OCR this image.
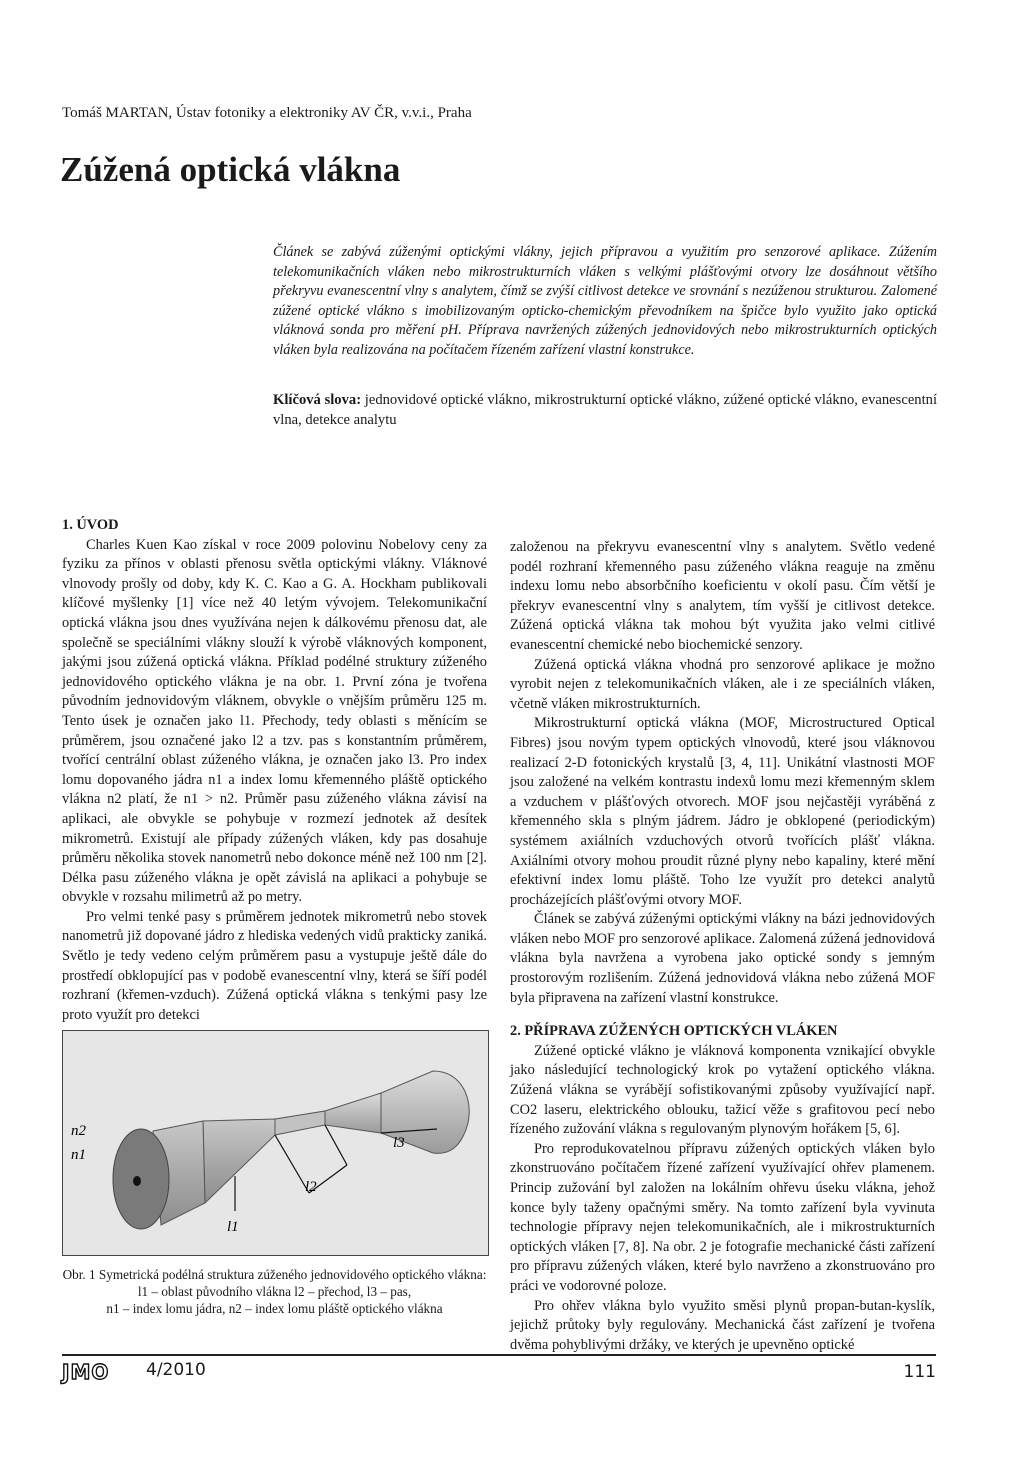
Tomáš MARTAN, Ústav fotoniky a elektroniky AV ČR, v.v.i., Praha
Zúžená optická vlákna
Článek se zabývá zúženými optickými vlákny, jejich přípravou a využitím pro senzorové aplikace. Zúžením telekomunikačních vláken nebo mikrostrukturních vláken s velkými plášťovými otvory lze dosáhnout většího překryvu evanescentní vlny s analytem, čímž se zvýší citlivost detekce ve srovnání s nezúženou strukturou. Zalomené zúžené optické vlákno s imobilizovaným opticko-chemickým převodníkem na špičce bylo využito jako optická vláknová sonda pro měření pH. Příprava navržených zúžených jednovidových nebo mikrostrukturních optických vláken byla realizována na počítačem řízeném zařízení vlastní konstrukce.
Klíčová slova: jednovidové optické vlákno, mikrostrukturní optické vlákno, zúžené optické vlákno, evanescentní vlna, detekce analytu
1. ÚVOD

Charles Kuen Kao získal v roce 2009 polovinu Nobelovy ceny za fyziku za přínos v oblasti přenosu světla optickými vlákny. Vláknové vlnovody prošly od doby, kdy K. C. Kao a G. A. Hockham publikovali klíčové myšlenky [1] více než 40 letým vývojem. Telekomunikační optická vlákna jsou dnes využívána nejen k dálkovému přenosu dat, ale společně se speciálními vlákny slouží k výrobě vláknových komponent, jakými jsou zúžená optická vlákna. Příklad podélné struktury zúženého jednovidového optického vlákna je na obr. 1. První zóna je tvořena původním jednovidovým vláknem, obvykle o vnějším průměru 125 m. Tento úsek je označen jako l1. Přechody, tedy oblasti s měnícím se průměrem, jsou označené jako l2 a tzv. pas s konstantním průměrem, tvořící centrální oblast zúženého vlákna, je označen jako l3. Pro index lomu dopovaného jádra n1 a index lomu křemenného pláště optického vlákna n2 platí, že n1 > n2. Průměr pasu zúženého vlákna závisí na aplikaci, ale obvykle se pohybuje v rozmezí jednotek až desítek mikrometrů. Existují ale případy zúžených vláken, kdy pas dosahuje průměru několika stovek nanometrů nebo dokonce méně než 100 nm [2]. Délka pasu zúženého vlákna je opět závislá na aplikaci a pohybuje se obvykle v rozsahu milimetrů až po metry.

Pro velmi tenké pasy s průměrem jednotek mikrometrů nebo stovek nanometrů již dopované jádro z hlediska vedených vidů prakticky zaniká. Světlo je tedy vedeno celým průměrem pasu a vystupuje ještě dále do prostředí obklopující pas v podobě evanescentní vlny, která se šíří podél rozhraní (křemen-vzduch). Zúžená optická vlákna s tenkými pasy lze proto využít pro detekci

n2
n1
l1
l2
l3
Obr. 1 Symetrická podélná struktura zúženého jednovidového optického vlákna:
l1 – oblast původního vlákna l2 – přechod, l3 – pas,
n1 – index lomu jádra, n2 – index lomu pláště optického vlákna

založenou na překryvu evanescentní vlny s analytem. Světlo vedené podél rozhraní křemenného pasu zúženého vlákna reaguje na změnu indexu lomu nebo absorbčního koeficientu v okolí pasu. Čím větší je překryv evanescentní vlny s analytem, tím vyšší je citlivost detekce. Zúžená optická vlákna tak mohou být využita jako velmi citlivé evanescentní chemické nebo biochemické senzory.

Zúžená optická vlákna vhodná pro senzorové aplikace je možno vyrobit nejen z telekomunikačních vláken, ale i ze speciálních vláken, včetně vláken mikrostrukturních.

Mikrostrukturní optická vlákna (MOF, Microstructured Optical Fibres) jsou novým typem optických vlnovodů, které jsou vláknovou realizací 2-D fotonických krystalů [3, 4, 11]. Unikátní vlastnosti MOF jsou založené na velkém kontrastu indexů lomu mezi křemenným sklem a vzduchem v plášťových otvorech. MOF jsou nejčastěji vyráběná z křemenného skla s plným jádrem. Jádro je obklopené (periodickým) systémem axiálních vzduchových otvorů tvořících plášť vlákna. Axiálními otvory mohou proudit různé plyny nebo kapaliny, které mění efektivní index lomu pláště. Toho lze využít pro detekci analytů procházejících plášťovými otvory MOF.

Článek se zabývá zúženými optickými vlákny na bázi jednovidových vláken nebo MOF pro senzorové aplikace. Zalomená zúžená jednovidová vlákna byla navržena a vyrobena jako optické sondy s jemným prostorovým rozlišením. Zúžená jednovidová vlákna nebo zúžená MOF byla připravena na zařízení vlastní konstrukce.

2. PŘÍPRAVA ZÚŽENÝCH OPTICKÝCH VLÁKEN

Zúžené optické vlákno je vláknová komponenta vznikající obvykle jako následující technologický krok po vytažení optického vlákna. Zúžená vlákna se vyrábějí sofistikovanými způsoby využívající např. CO2 laseru, elektrického oblouku, tažicí věže s grafitovou pecí nebo řízeného zužování vlákna s regulovaným plynovým hořákem [5, 6].

Pro reprodukovatelnou přípravu zúžených optických vláken bylo zkonstruováno počítačem řízené zařízení využívající ohřev plamenem. Princip zužování byl založen na lokálním ohřevu úseku vlákna, jehož konce byly taženy opačnými směry. Na tomto zařízení byla vyvinuta technologie přípravy nejen telekomunikačních, ale i mikrostrukturních optických vláken [7, 8]. Na obr. 2 je fotografie mechanické části zařízení pro přípravu zúžených vláken, které bylo navrženo a zkonstruováno pro práci ve vodorovné poloze.

Pro ohřev vlákna bylo využito směsi plynů propan-butan-kyslík, jejichž průtoky byly regulovány. Mechanická část zařízení je tvořena dvěma pohyblivými držáky, ve kterých je upevněno optické

JMO 4/2010	111
